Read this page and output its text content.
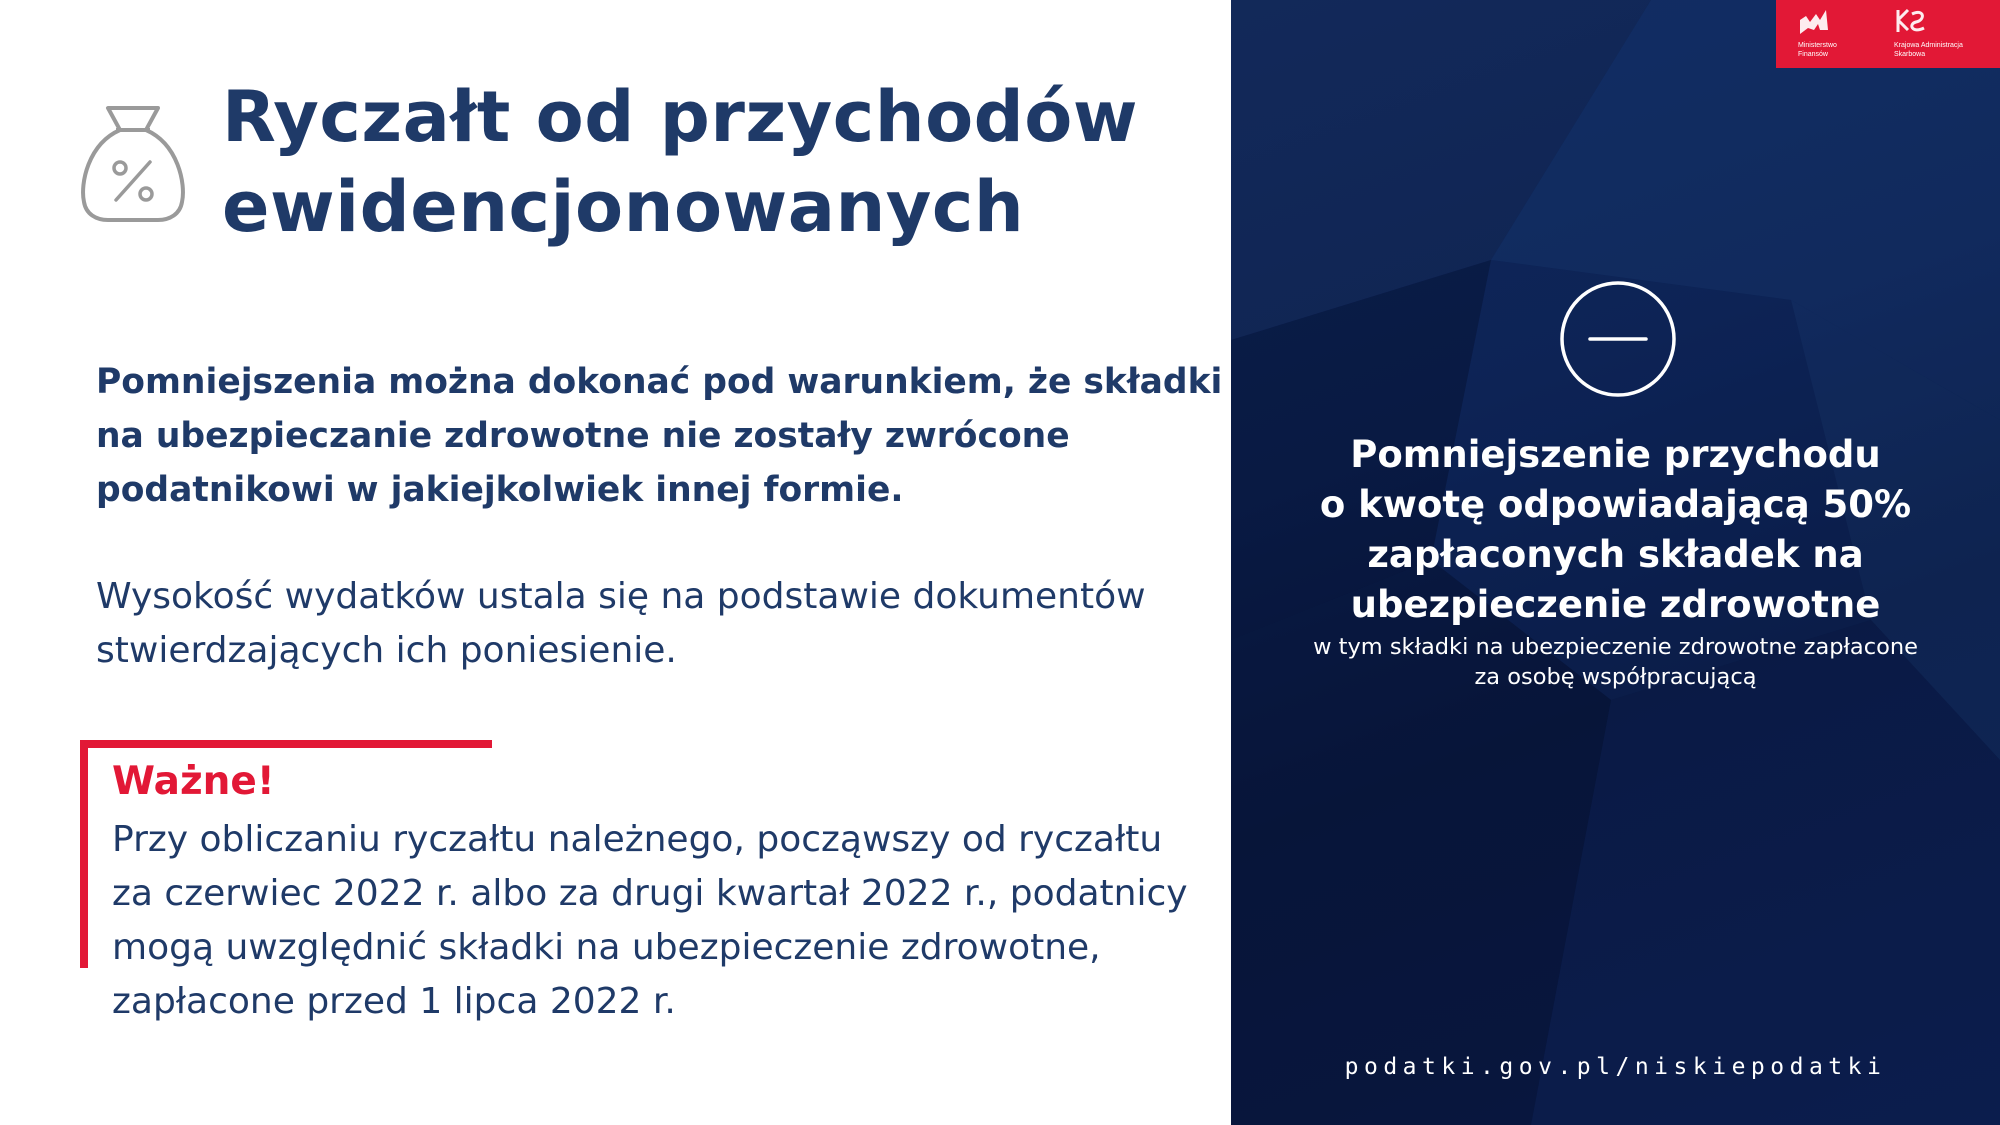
Ryczałt od przychodów
ewidencjonowanych

Pomniejszenia można dokonać pod warunkiem, że składki
na ubezpieczanie zdrowotne nie zostały zwrócone
podatnikowi w jakiejkolwiek innej formie.

Wysokość wydatków ustala się na podstawie dokumentów
stwierdzających ich poniesienie.

Ważne!

Przy obliczaniu ryczałtu należnego, począwszy od ryczałtu
za czerwiec 2022 r. albo za drugi kwartał 2022 r., podatnicy
mogą uwzględnić składki na ubezpieczenie zdrowotne,
zapłacone przed 1 lipca 2022 r.

Ministerstwo
Finansów
Krajowa Administracja
Skarbowa

Pomniejszenie przychodu
o kwotę odpowiadającą 50%
zapłaconych składek na
ubezpieczenie zdrowotne

w tym składki na ubezpieczenie zdrowotne zapłacone
za osobę współpracującą

podatki.gov.pl/niskiepodatki
